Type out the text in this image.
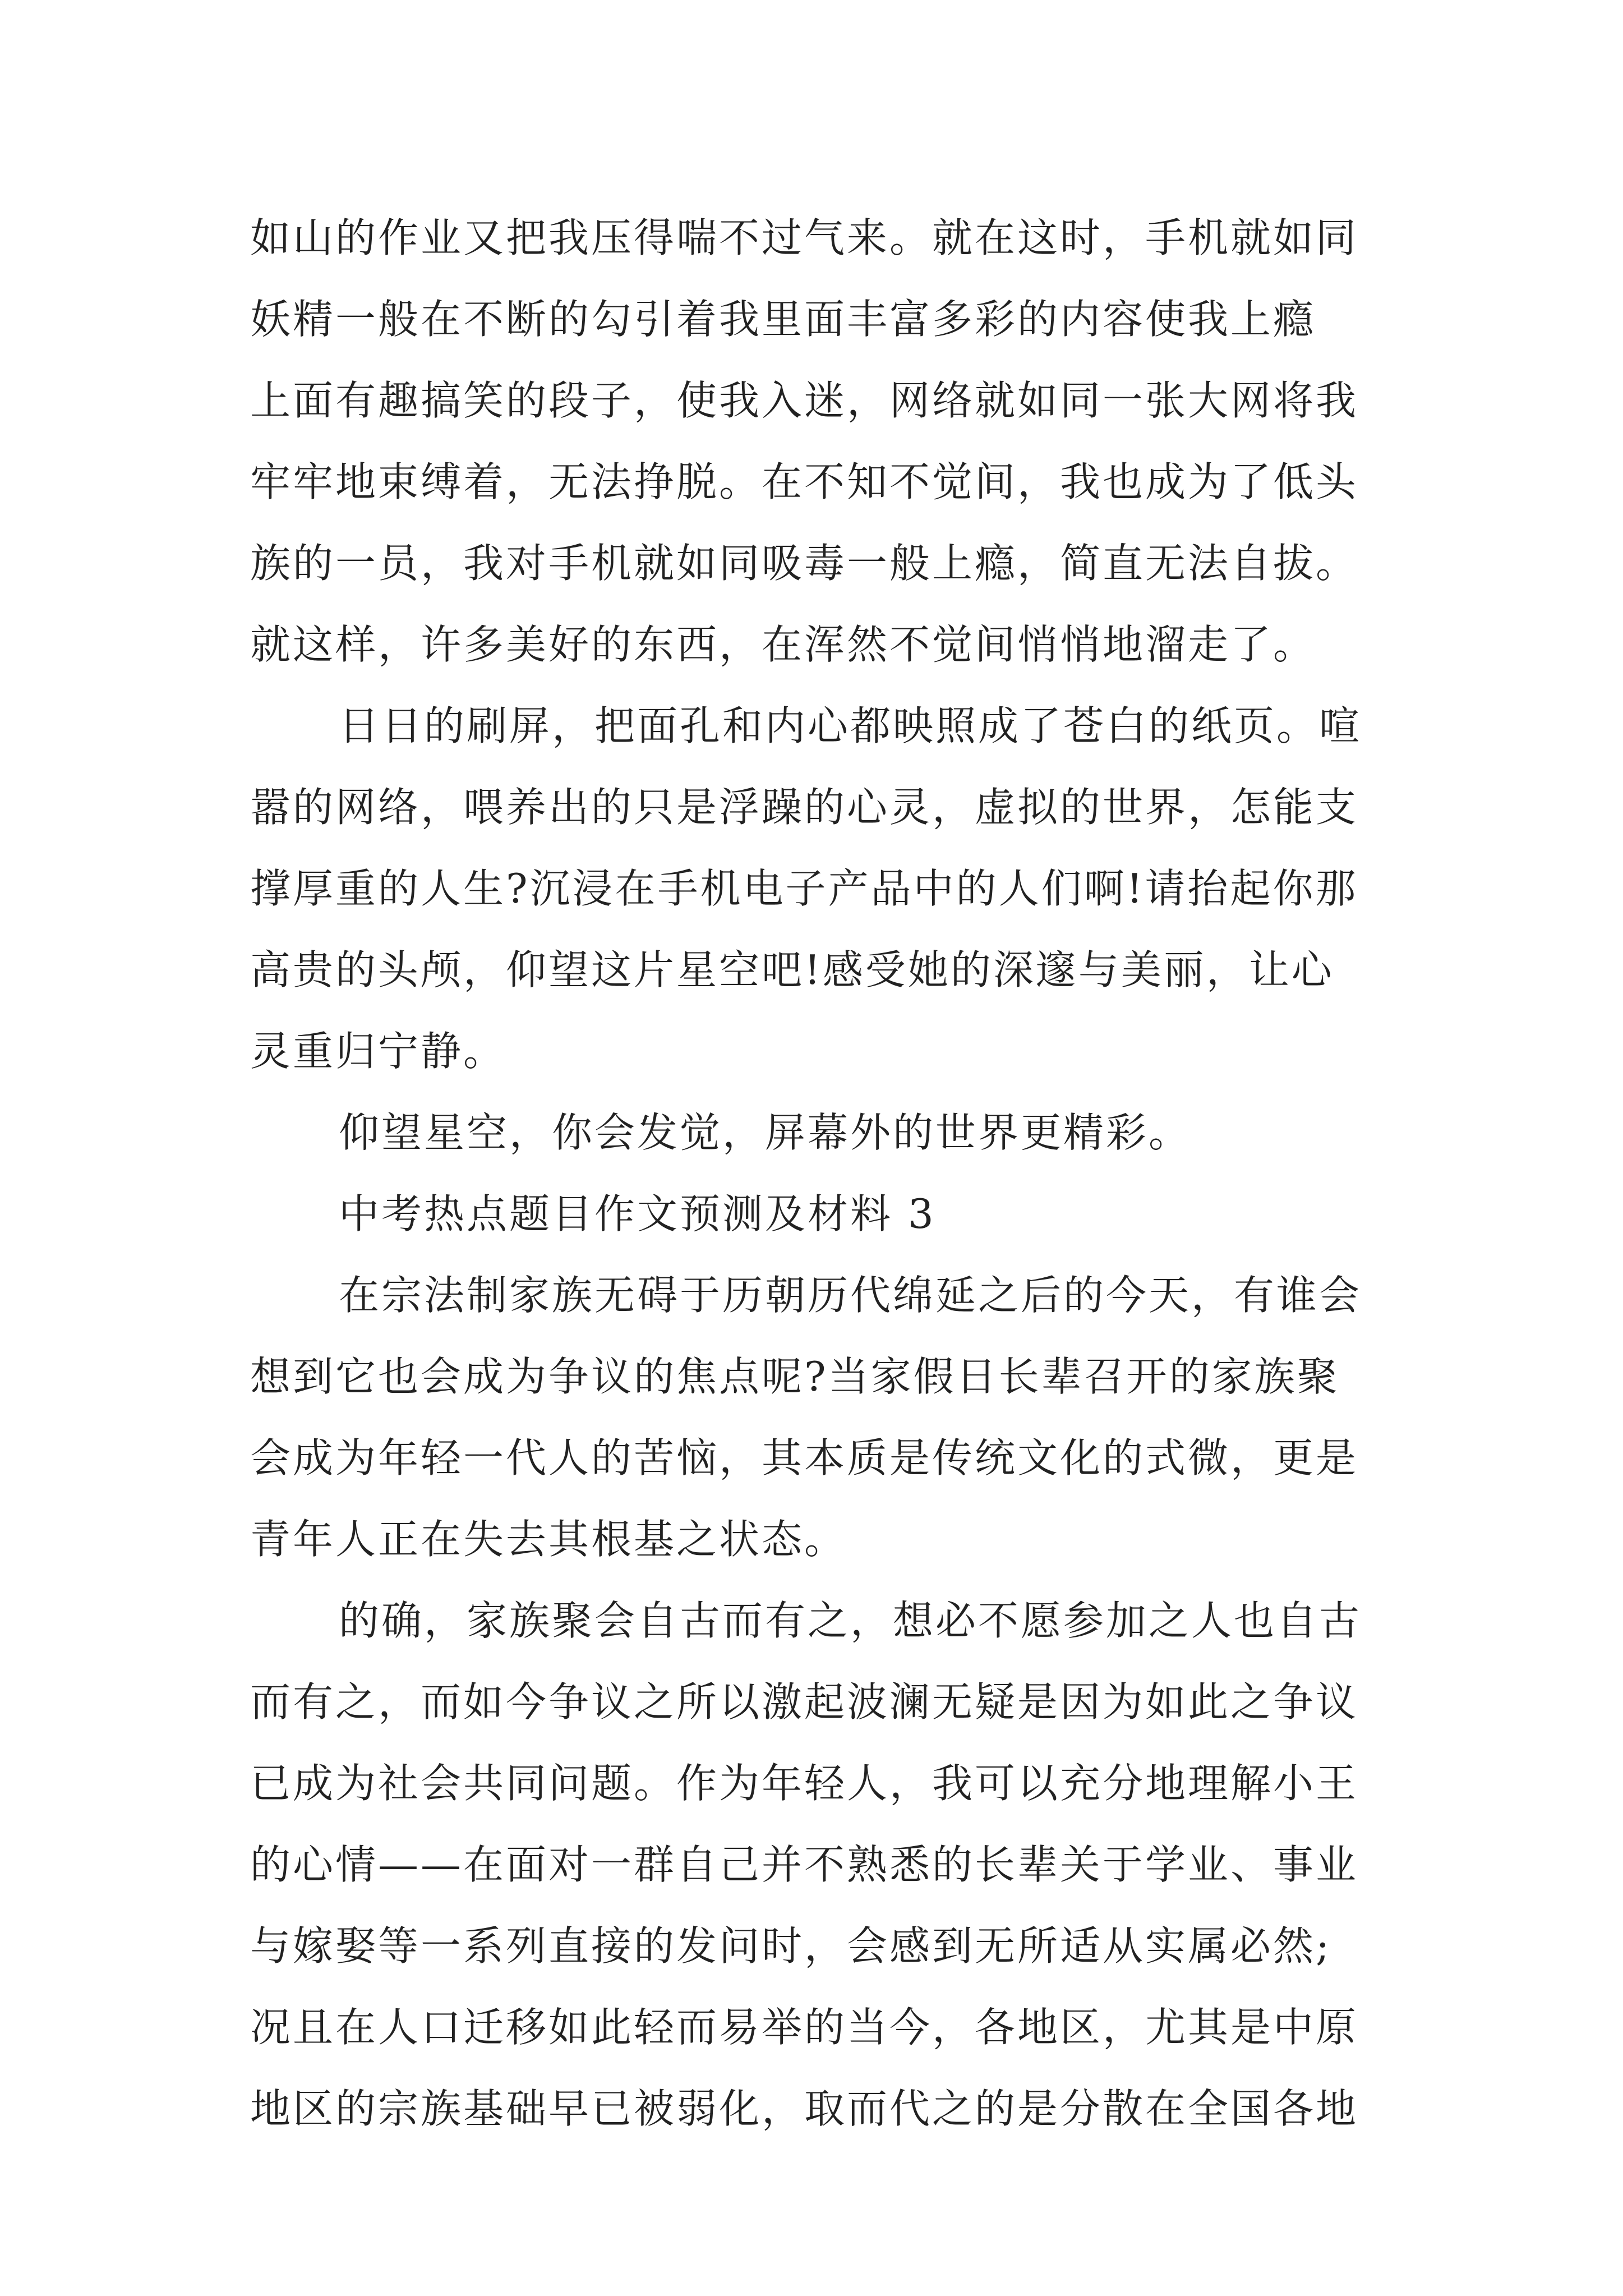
如山的作业又把我压得喘不过气来。就在这时，手机就如同
妖精一般在不断的勾引着我里面丰富多彩的内容使我上瘾
上面有趣搞笑的段子，使我入迷，网络就如同一张大网将我
牢牢地束缚着，无法挣脱。在不知不觉间，我也成为了低头
族的一员，我对手机就如同吸毒一般上瘾，简直无法自拔。
就这样，许多美好的东西，在浑然不觉间悄悄地溜走了。
日日的刷屏，把面孔和内心都映照成了苍白的纸页。喧
嚣的网络，喂养出的只是浮躁的心灵，虚拟的世界，怎能支
撑厚重的人生?沉浸在手机电子产品中的人们啊!请抬起你那
高贵的头颅，仰望这片星空吧!感受她的深邃与美丽，让心
灵重归宁静。
仰望星空，你会发觉，屏幕外的世界更精彩。
中考热点题目作文预测及材料 3
在宗法制家族无碍于历朝历代绵延之后的今天，有谁会
想到它也会成为争议的焦点呢?当家假日长辈召开的家族聚
会成为年轻一代人的苦恼，其本质是传统文化的式微，更是
青年人正在失去其根基之状态。
的确，家族聚会自古而有之，想必不愿参加之人也自古
而有之，而如今争议之所以激起波澜无疑是因为如此之争议
已成为社会共同问题。作为年轻人，我可以充分地理解小王
的心情——在面对一群自己并不熟悉的长辈关于学业、事业
与嫁娶等一系列直接的发问时，会感到无所适从实属必然;
况且在人口迁移如此轻而易举的当今，各地区，尤其是中原
地区的宗族基础早已被弱化，取而代之的是分散在全国各地
